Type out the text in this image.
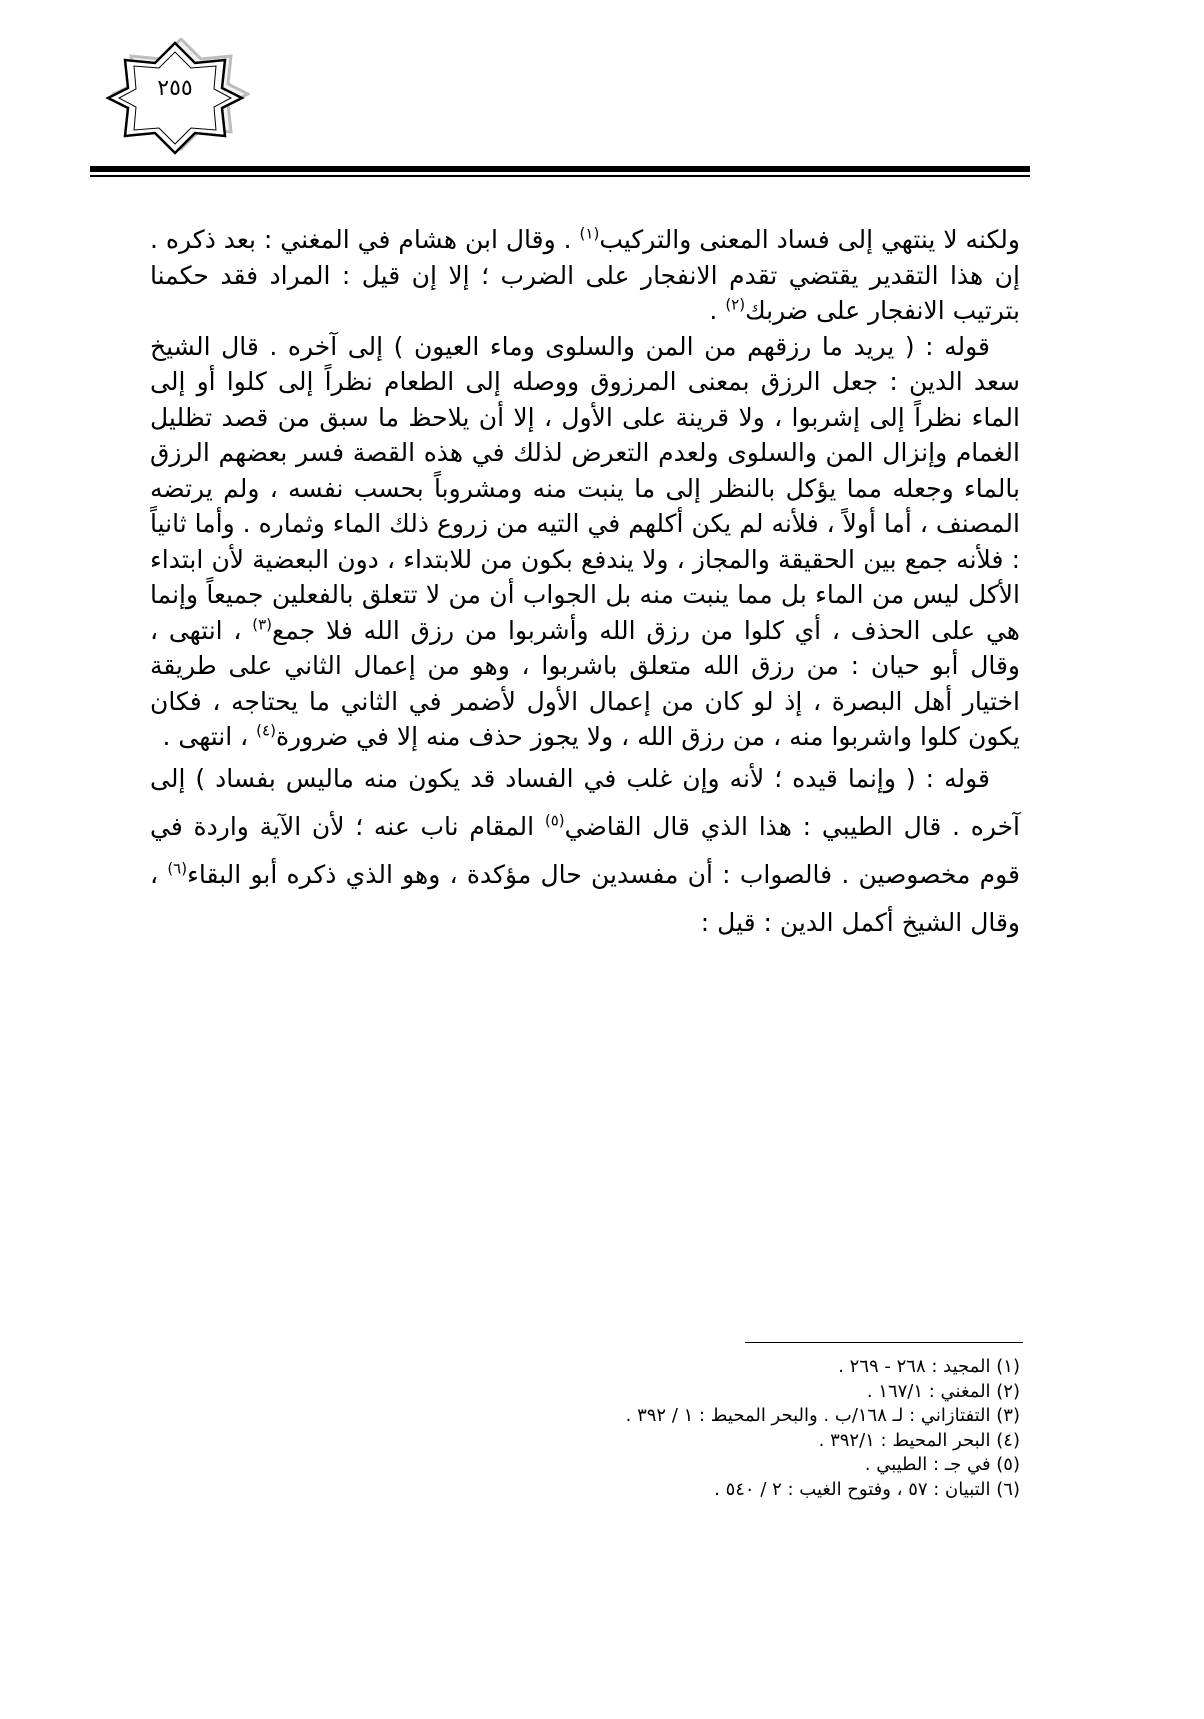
٢٥٥

ولكنه لا ينتهي إلى فساد المعنى والتركيب$^{(١)}$ . وقال ابن هشام في المغني : بعد ذكره . إن هذا التقدير يقتضي تقدم الانفجار على الضرب ؛ إلا إن قيل : المراد فقد حكمنا بترتيب الانفجار على ضربك$^{(٢)}$ .

قوله : ( يريد ما رزقهم من المن والسلوى وماء العيون ) إلى آخره . قال الشيخ سعد الدين : جعل الرزق بمعنى المرزوق ووصله إلى الطعام نظراً إلى كلوا أو إلى الماء نظراً إلى إشربوا ، ولا قرينة على الأول ، إلا أن يلاحظ ما سبق من قصد تظليل الغمام وإنزال المن والسلوى ولعدم التعرض لذلك في هذه القصة فسر بعضهم الرزق بالماء وجعله مما يؤكل بالنظر إلى ما ينبت منه ومشروباً بحسب نفسه ، ولم يرتضه المصنف ، أما أولاً ، فلأنه لم يكن أكلهم في التيه من زروع ذلك الماء وثماره . وأما ثانياً : فلأنه جمع بين الحقيقة والمجاز ، ولا يندفع بكون من للابتداء ، دون البعضية لأن ابتداء الأكل ليس من الماء بل مما ينبت منه بل الجواب أن من لا تتعلق بالفعلين جميعاً وإنما هي على الحذف ، أي كلوا من رزق الله وأشربوا من رزق الله فلا جمع$^{(٣)}$ ، انتهى ، وقال أبو حيان : من رزق الله متعلق باشربوا ، وهو من إعمال الثاني على طريقة اختيار أهل البصرة ، إذ لو كان من إعمال الأول لأضمر في الثاني ما يحتاجه ، فكان يكون كلوا واشربوا منه ، من رزق الله ، ولا يجوز حذف منه إلا في ضرورة$^{(٤)}$ ، انتهى .

قوله : ( وإنما قيده ؛ لأنه وإن غلب في الفساد قد يكون منه ماليس بفساد ) إلى آخره . قال الطيبي : هذا الذي قال القاضي$^{(٥)}$ المقام ناب عنه ؛ لأن الآية واردة في قوم مخصوصين . فالصواب : أن مفسدين حال مؤكدة ، وهو الذي ذكره أبو البقاء$^{(٦)}$ ، وقال الشيخ أكمل الدين : قيل :

(١) المجيد : ٢٦٨ - ٢٦٩ .
(٢) المغني : ١٦٧/١ .
(٣) التفتازاني : لـ ١٦٨/ب . والبحر المحيط : ١ / ٣٩٢ .
(٤) البحر المحيط : ٣٩٢/١ .
(٥) في جـ : الطيبي .
(٦) التبيان : ٥٧ ، وفتوح الغيب : ٢ / ٥٤٠ .
